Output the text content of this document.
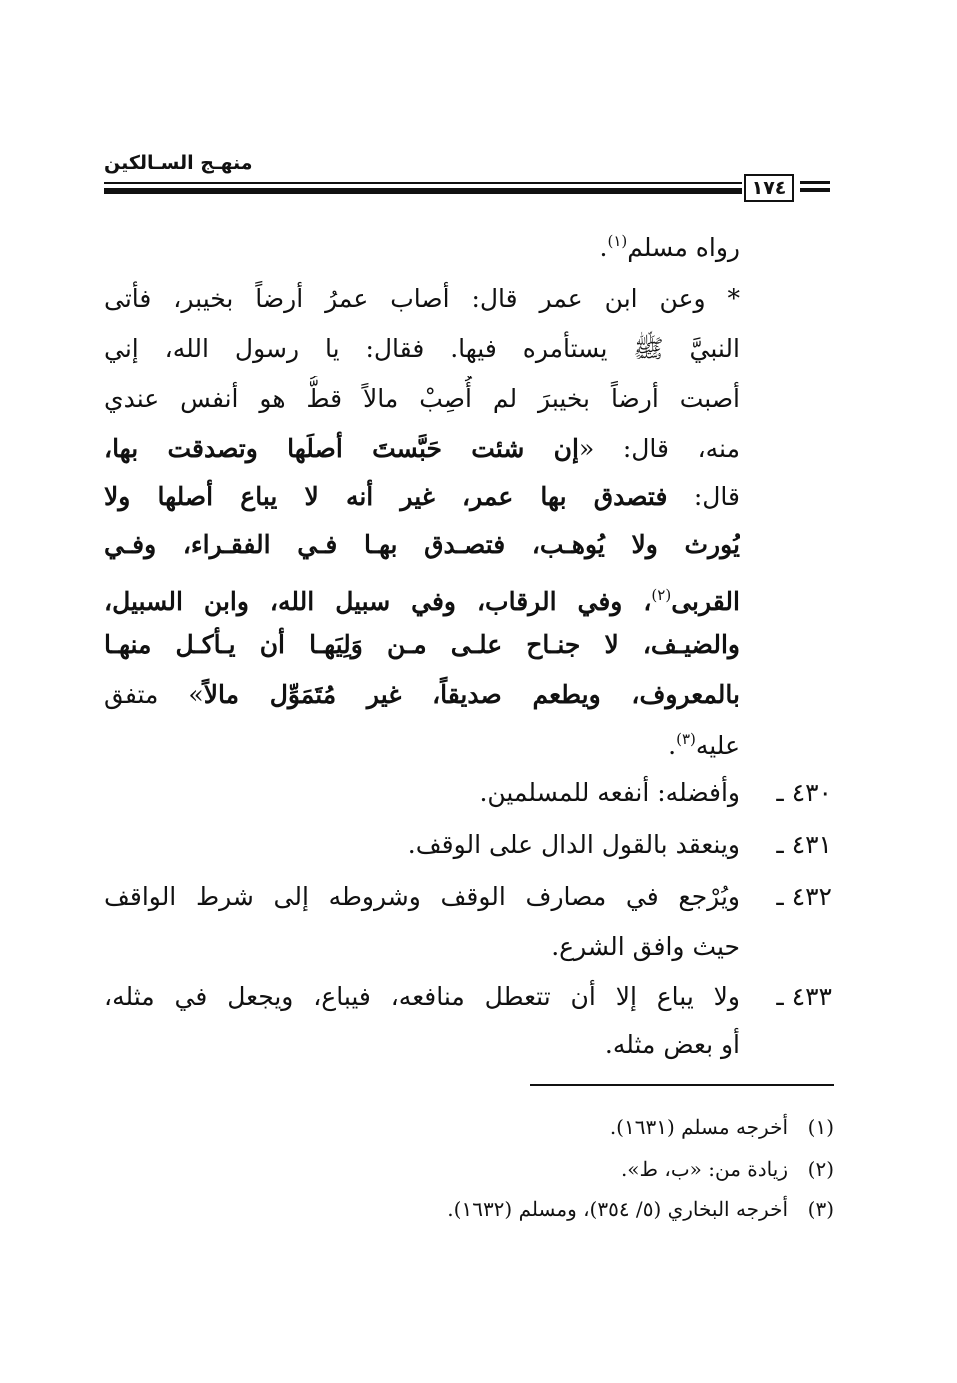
منهـج السـالكين
١٧٤
رواه مسلم$^{(١)}$.
* وعن ابن عمر قال: أصاب عمرُ أرضاً بخيبر، فأتى
النبيَّ ﷺ يستأمره فيها. فقال: يا رسول الله، إني
أصبت أرضاً بخيبرَ لم أُصِبْ مالاً قطُّ هو أنفس عندي
منه، قال: «إن شئت حَبَّستَ أصلَها وتصدقت بها،
قال: فتصدق بها عمر، غير أنه لا يباع أصلها ولا
يُورث ولا يُوهـب، فتصـدق بهـا فـي الفقـراء، وفـي
القربى$^{(٢)}$، وفي الرقاب، وفي سبيل الله، وابن السبيل،
والضيـف، لا جنـاح علـى مـن وَلِيَهـا أن يـأكـل منهـا
بالمعروف، ويطعم صديقاً، غير مُتَمَوِّل مالاً» متفق
عليه$^{(٣)}$.
٤٣٠ ـ
وأفضله: أنفعه للمسلمين.
٤٣١ ـ
وينعقد بالقول الدال على الوقف.
٤٣٢ ـ
ويُرْجع في مصارف الوقف وشروطه إلى شرط الواقف
حيث وافق الشرع.
٤٣٣ ـ
ولا يباع إلا أن تتعطل منافعه، فيباع، ويجعل في مثله،
أو بعض مثله.
(١)أخرجه مسلم (١٦٣١).
(٢)زيادة من: «ب، ط».
(٣)أخرجه البخاري (٥/ ٣٥٤)، ومسلم (١٦٣٢).
